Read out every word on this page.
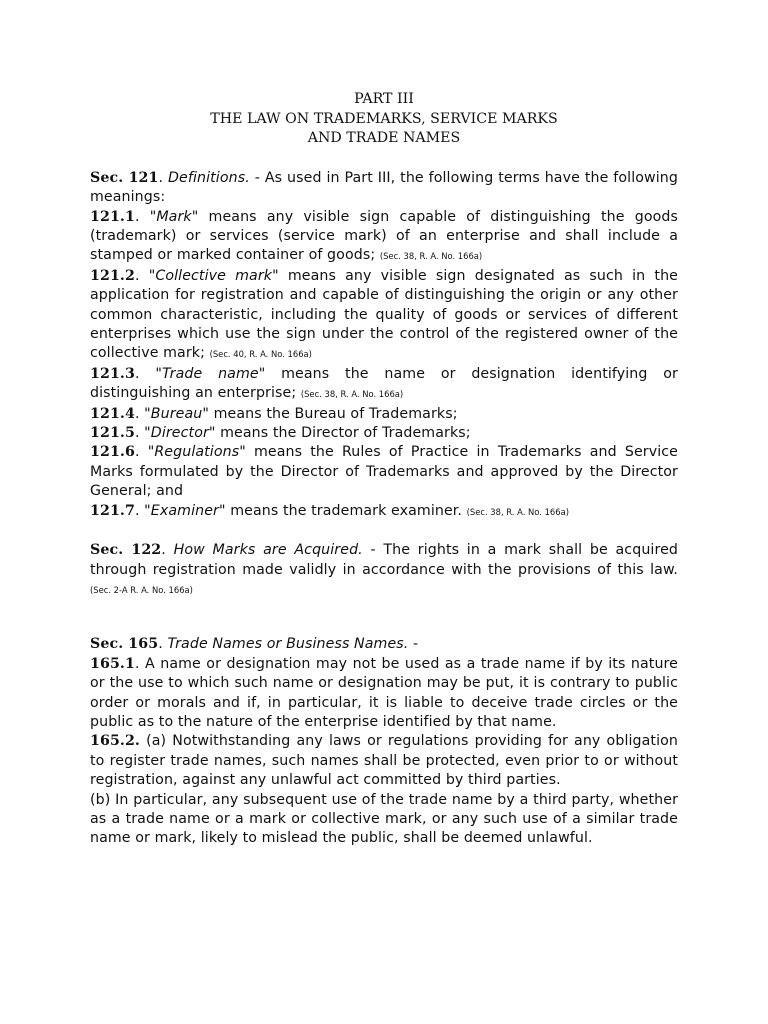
PART III
THE LAW ON TRADEMARKS, SERVICE MARKS
AND TRADE NAMES

Sec. 121. Definitions. - As used in Part III, the following terms have the following meanings:

121.1. "Mark" means any visible sign capable of distinguishing the goods (trademark) or services (service mark) of an enterprise and shall include a stamped or marked container of goods; (Sec. 38, R. A. No. 166a)

121.2. "Collective mark" means any visible sign designated as such in the application for registration and capable of distinguishing the origin or any other common characteristic, including the quality of goods or services of different enterprises which use the sign under the control of the registered owner of the collective mark; (Sec. 40, R. A. No. 166a)

121.3. "Trade name" means the name or designation identifying or distinguishing an enterprise; (Sec. 38, R. A. No. 166a)

121.4. "Bureau" means the Bureau of Trademarks;

121.5. "Director" means the Director of Trademarks;

121.6. "Regulations" means the Rules of Practice in Trademarks and Service Marks formulated by the Director of Trademarks and approved by the Director General; and

121.7. "Examiner" means the trademark examiner. (Sec. 38, R. A. No. 166a)

Sec. 122. How Marks are Acquired. - The rights in a mark shall be acquired through registration made validly in accordance with the provisions of this law. (Sec. 2-A R. A. No. 166a)

Sec. 165. Trade Names or Business Names. -

165.1. A name or designation may not be used as a trade name if by its nature or the use to which such name or designation may be put, it is contrary to public order or morals and if, in particular, it is liable to deceive trade circles or the public as to the nature of the enterprise identified by that name.

165.2. (a) Notwithstanding any laws or regulations providing for any obligation to register trade names, such names shall be protected, even prior to or without registration, against any unlawful act committed by third parties.

(b) In particular, any subsequent use of the trade name by a third party, whether as a trade name or a mark or collective mark, or any such use of a similar trade name or mark, likely to mislead the public, shall be deemed unlawful.
